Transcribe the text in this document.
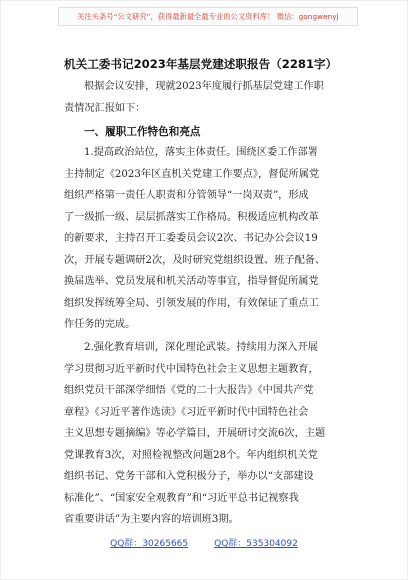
关注头条号“公文研究”，获得最新最全最专业的公文资料库！ 微信：gongwenyj
机关工委书记2023年基层党建述职报告（2281字）
根据会议安排，现就2023年度履行抓基层党建工作职
责情况汇报如下：
一、履职工作特色和亮点
1.提高政治站位，落实主体责任。围绕区委工作部署
主持制定《2023年区直机关党建工作要点》，督促所属党
组织严格第一责任人职责和分管领导“一岗双责”，形成
了一级抓一级、层层抓落实工作格局。积极适应机构改革
的新要求，主持召开工委委员会议2次、书记办公会议19
次，开展专题调研2次，及时研究党组织设置、班子配备、
换届选举、党员发展和机关活动等事宜，指导督促所属党
组织发挥统筹全局、引领发展的作用，有效保证了重点工
作任务的完成。
2.强化教育培训，深化理论武装。持续用力深入开展
学习贯彻习近平新时代中国特色社会主义思想主题教育，
组织党员干部深学细悟《党的二十大报告》《中国共产党
章程》《习近平著作选读》《习近平新时代中国特色社会
主义思想专题摘编》等必学篇目，开展研讨交流6次，主题
党课教育3次，对照检视整改问题28个。年内组织机关党
组织书记、党务干部和入党积极分子，举办以“支部建设
标准化”、“国家安全观教育”和“习近平总书记视察我
省重要讲话”为主要内容的培训班3期。
QQ群：30265665	QQ群：535304092
